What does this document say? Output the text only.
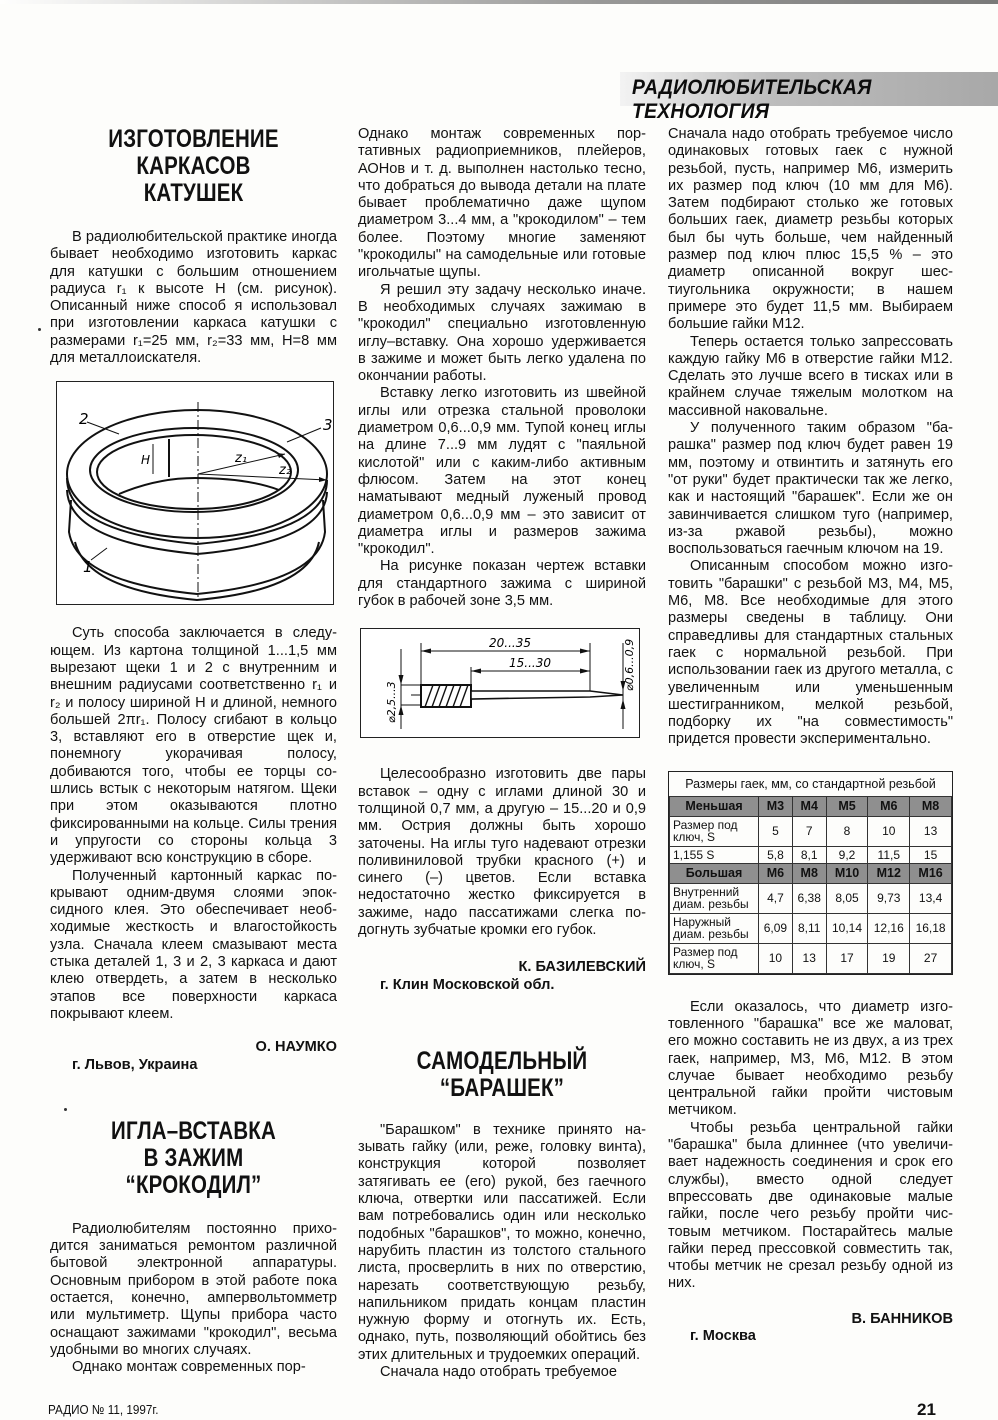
РАДИОЛЮБИТЕЛЬСКАЯ ТЕХНОЛОГИЯ

ИЗГОТОВЛЕНИЕ КАРКАСОВ

КАТУШЕК

В радиолюбительской практике иногда бывает необходимо изготовить каркас для катушки с большим отношением радиуса r₁ к высоте Н (см. рисунок). Описанный ниже способ я использовал при изготовлении каркаса катушки с размерами r₁=25 мм, r₂=33 мм, Н=8 мм для металлоискателя.

2	3
1
H	z₁
z₂

Суть способа заключается в следующем. Из картона толщиной 1...1,5 мм вырезают щеки 1 и 2 с внутренним и внешним радиусами соответственно r₁ и r₂ и полосу шириной Н и длиной, немного большей 2πr₁. Полосу сгибают в кольцо 3, вставляют его в отверстие щек и, понемногу укорачивая полосу, добиваются того, чтобы ее торцы сошлись встык с некоторым натягом. Щеки при этом оказываются плотно фиксированными на кольце. Силы трения и упругости со стороны кольца 3 удерживают всю конструкцию в сборе.

Полученный картонный каркас покрывают одним-двумя слоями эпоксидного клея. Это обеспечивает необходимые жесткость и влагостойкость узла. Сначала клеем смазывают места стыка деталей 1, 3 и 2, 3 каркаса и дают клею отвердеть, а затем в несколько этапов все поверхности каркаса покрывают клеем.

О. НАУМКО

г. Львов, Украина

ИГЛА–ВСТАВКА

В ЗАЖИМ “КРОКОДИЛ”

Радиолюбителям постоянно приходится заниматься ремонтом различной бытовой электронной аппаратуры. Основным прибором в этой работе пока остается, конечно, ампервольтомметр или мультиметр. Щупы прибора часто оснащают зажимами "крокодил", весьма удобными во многих случаях.

Однако монтаж современных пор-

Однако монтаж современных портативных радиоприемников, плейеров, АОНов и т. д. выполнен настолько тесно, что добраться до вывода детали на плате бывает проблематично даже щупом диаметром 3...4 мм, а "крокодилом" – тем более. Поэтому многие заменяют "крокодилы" на самодельные или готовые игольчатые щупы.

Я решил эту задачу несколько иначе. В необходимых случаях зажимаю в "крокодил" специально изготовленную иглу–вставку. Она хорошо удерживается в зажиме и может быть легко удалена по окончании работы.

Вставку легко изготовить из швейной иглы или отрезка стальной проволоки диаметром 0,6...0,9 мм. Тупой конец иглы на длине 7...9 мм лудят с "паяльной кислотой" или с каким-либо активным флюсом. Затем на этот конец наматывают медный луженый провод диаметром 0,6...0,9 мм – это зависит от диаметра иглы и размеров зажима "крокодил".

На рисунке показан чертеж вставки для стандартного зажима с шириной губок в рабочей зоне 3,5 мм.

20...35
15...30
⌀2,5...3
⌀0,6...0,9

Целесообразно изготовить две пары вставок – одну с иглами длиной 30 и толщиной 0,7 мм, а другую – 15...20 и 0,9 мм. Острия должны быть хорошо заточены. На иглы туго надевают отрезки поливиниловой трубки красного (+) и синего (–) цветов. Если вставка недостаточно жестко фиксируется в зажиме, надо пассатижами слегка подогнуть зубчатые кромки его губок.

К. БАЗИЛЕВСКИЙ

г. Клин Московской обл.

САМОДЕЛЬНЫЙ “БАРАШЕК”

"Барашком" в технике принято называть гайку (или, реже, головку винта), конструкция которой позволяет затягивать ее (его) рукой, без гаечного ключа, отвертки или пассатижей. Если вам потребовались один или несколько подобных "барашков", то можно, конечно, нарубить пластин из толстого стального листа, просверлить в них по отверстию, нарезать соответствующую резьбу, напильником придать концам пластин нужную форму и отогнуть их. Есть, однако, путь, позволяющий обойтись без этих длительных и трудоемких операций.

Сначала надо отобрать требуемое

Сначала надо отобрать требуемое число одинаковых готовых гаек с нужной резьбой, пусть, например М6, измерить их размер под ключ (10 мм для М6). Затем подбирают столько же готовых больших гаек, диаметр резьбы которых был бы чуть больше, чем найденный размер под ключ плюс 15,5 % – это диаметр описанной вокруг шестиугольника окружности; в нашем примере это будет 11,5 мм. Выбираем большие гайки М12.

Теперь остается только запрессовать каждую гайку М6 в отверстие гайки М12. Сделать это лучше всего в тисках или в крайнем случае тяжелым молотком на массивной наковальне.

У полученного таким образом "барашка" размер под ключ будет равен 19 мм, поэтому и отвинтить и затянуть его "от руки" будет практически так же легко, как и настоящий "барашек". Если же он завинчивается слишком туго (например, из-за ржавой резьбы), можно воспользоваться гаечным ключом на 19.

Описанным способом можно изготовить "барашки" с резьбой М3, М4, М5, М6, М8. Все необходимые для этого размеры сведены в таблицу. Они справедливы для стандартных стальных гаек с нормальной резьбой. При использовании гаек из другого металла, с увеличенным или уменьшенным шестигранником, мелкой резьбой, подборку их "на совместимость" придется провести экспериментально.

Размеры гаек, мм, со стандартной резьбой					
Меньшая	М3	М4	М5	М6	М8
Размер под ключ, S	5	7	8	10	13
1,155 S	5,8	8,1	9,2	11,5	15
Большая	М6	М8	М10	М12	М16
Внутренний диам. резьбы	4,7	6,38	8,05	9,73	13,4
Наружный диам. резьбы	6,09	8,11	10,14	12,16	16,18
Размер под ключ, S	10	13	17	19	27

Если оказалось, что диаметр изготовленного "барашка" все же маловат, его можно составить не из двух, а из трех гаек, например, М3, М6, М12. В этом случае бывает необходимо резьбу центральной гайки пройти чистовым метчиком.

Чтобы резьба центральной гайки "барашка" была длиннее (что увеличивает надежность соединения и срок его службы), вместо одной следует впрессовать две одинаковые малые гайки, после чего резьбу пройти чистовым метчиком. Постарайтесь малые гайки перед прессовкой совместить так, чтобы метчик не срезал резьбу одной из них.

В. БАННИКОВ

г. Москва

РАДИО № 11, 1997г.	21
